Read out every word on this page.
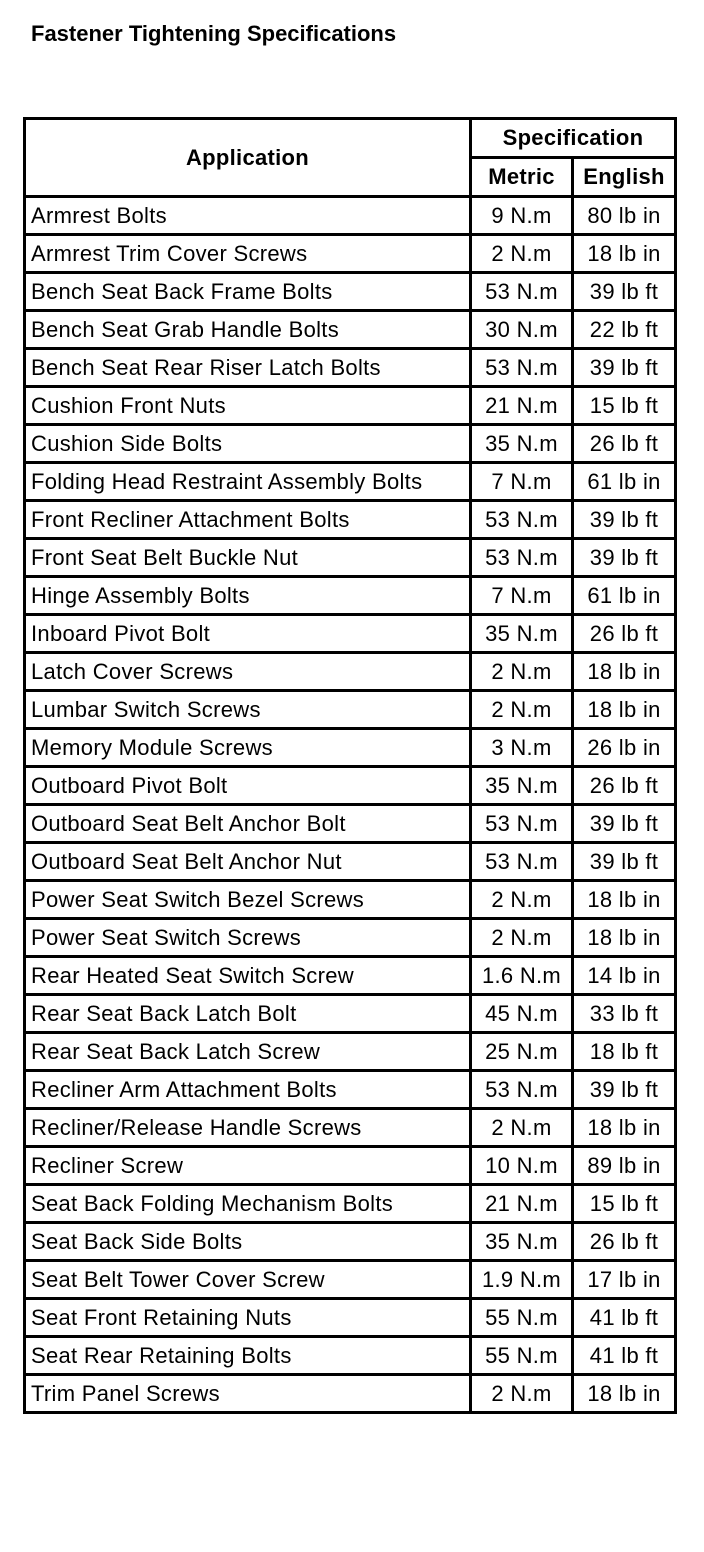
Fastener Tightening Specifications
Application	Specification	
	Metric	English
Armrest Bolts	9 N.m	80 lb in
Armrest Trim Cover Screws	2 N.m	18 lb in
Bench Seat Back Frame Bolts	53 N.m	39 lb ft
Bench Seat Grab Handle Bolts	30 N.m	22 lb ft
Bench Seat Rear Riser Latch Bolts	53 N.m	39 lb ft
Cushion Front Nuts	21 N.m	15 lb ft
Cushion Side Bolts	35 N.m	26 lb ft
Folding Head Restraint Assembly Bolts	7 N.m	61 lb in
Front Recliner Attachment Bolts	53 N.m	39 lb ft
Front Seat Belt Buckle Nut	53 N.m	39 lb ft
Hinge Assembly Bolts	7 N.m	61 lb in
Inboard Pivot Bolt	35 N.m	26 lb ft
Latch Cover Screws	2 N.m	18 lb in
Lumbar Switch Screws	2 N.m	18 lb in
Memory Module Screws	3 N.m	26 lb in
Outboard Pivot Bolt	35 N.m	26 lb ft
Outboard Seat Belt Anchor Bolt	53 N.m	39 lb ft
Outboard Seat Belt Anchor Nut	53 N.m	39 lb ft
Power Seat Switch Bezel Screws	2 N.m	18 lb in
Power Seat Switch Screws	2 N.m	18 lb in
Rear Heated Seat Switch Screw	1.6 N.m	14 lb in
Rear Seat Back Latch Bolt	45 N.m	33 lb ft
Rear Seat Back Latch Screw	25 N.m	18 lb ft
Recliner Arm Attachment Bolts	53 N.m	39 lb ft
Recliner/Release Handle Screws	2 N.m	18 lb in
Recliner Screw	10 N.m	89 lb in
Seat Back Folding Mechanism Bolts	21 N.m	15 lb ft
Seat Back Side Bolts	35 N.m	26 lb ft
Seat Belt Tower Cover Screw	1.9 N.m	17 lb in
Seat Front Retaining Nuts	55 N.m	41 lb ft
Seat Rear Retaining Bolts	55 N.m	41 lb ft
Trim Panel Screws	2 N.m	18 lb in
